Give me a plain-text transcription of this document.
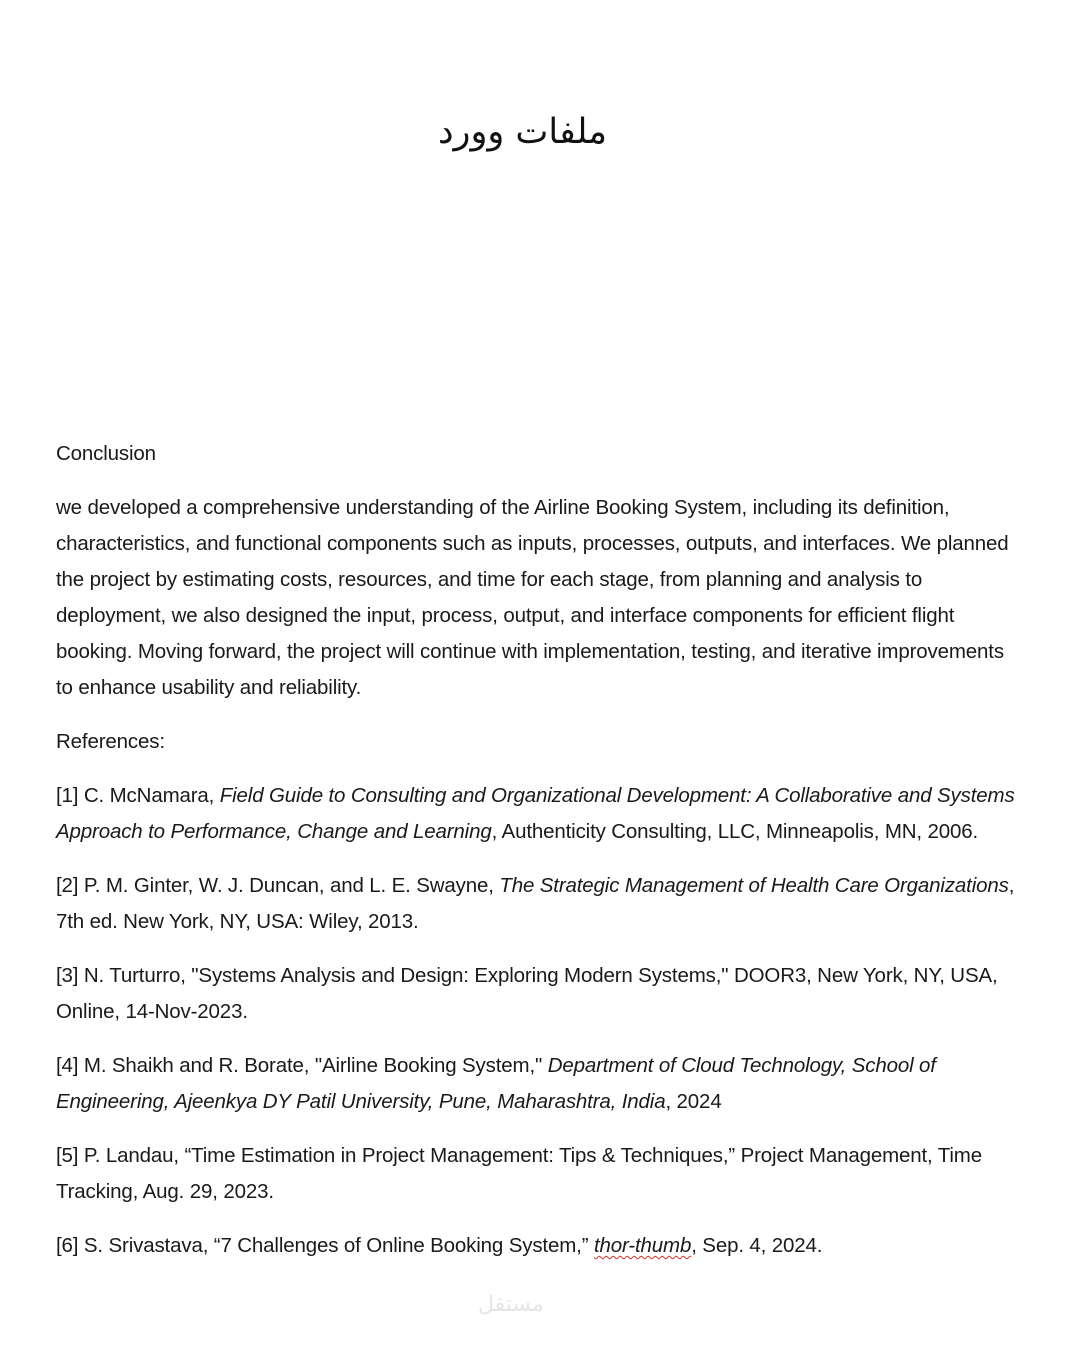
ملفات وورد

Conclusion

we developed a comprehensive understanding of the Airline Booking System, including its definition, characteristics, and functional components such as inputs, processes, outputs, and interfaces. We planned the project by estimating costs, resources, and time for each stage, from planning and analysis to deployment, we also designed the input, process, output, and interface components for efficient flight booking. Moving forward, the project will continue with implementation, testing, and iterative improvements to enhance usability and reliability.

References:

[1] C. McNamara, Field Guide to Consulting and Organizational Development: A Collaborative and Systems Approach to Performance, Change and Learning, Authenticity Consulting, LLC, Minneapolis, MN, 2006.

[2] P. M. Ginter, W. J. Duncan, and L. E. Swayne, The Strategic Management of Health Care Organizations, 7th ed. New York, NY, USA: Wiley, 2013.

[3] N. Turturro, "Systems Analysis and Design: Exploring Modern Systems," DOOR3, New York, NY, USA, Online, 14-Nov-2023.

[4] M. Shaikh and R. Borate, "Airline Booking System," Department of Cloud Technology, School of Engineering, Ajeenkya DY Patil University, Pune, Maharashtra, India, 2024

[5] P. Landau, “Time Estimation in Project Management: Tips & Techniques,” Project Management, Time Tracking, Aug. 29, 2023.

[6] S. Srivastava, “7 Challenges of Online Booking System,” thor-thumb, Sep. 4, 2024.

مستقل
